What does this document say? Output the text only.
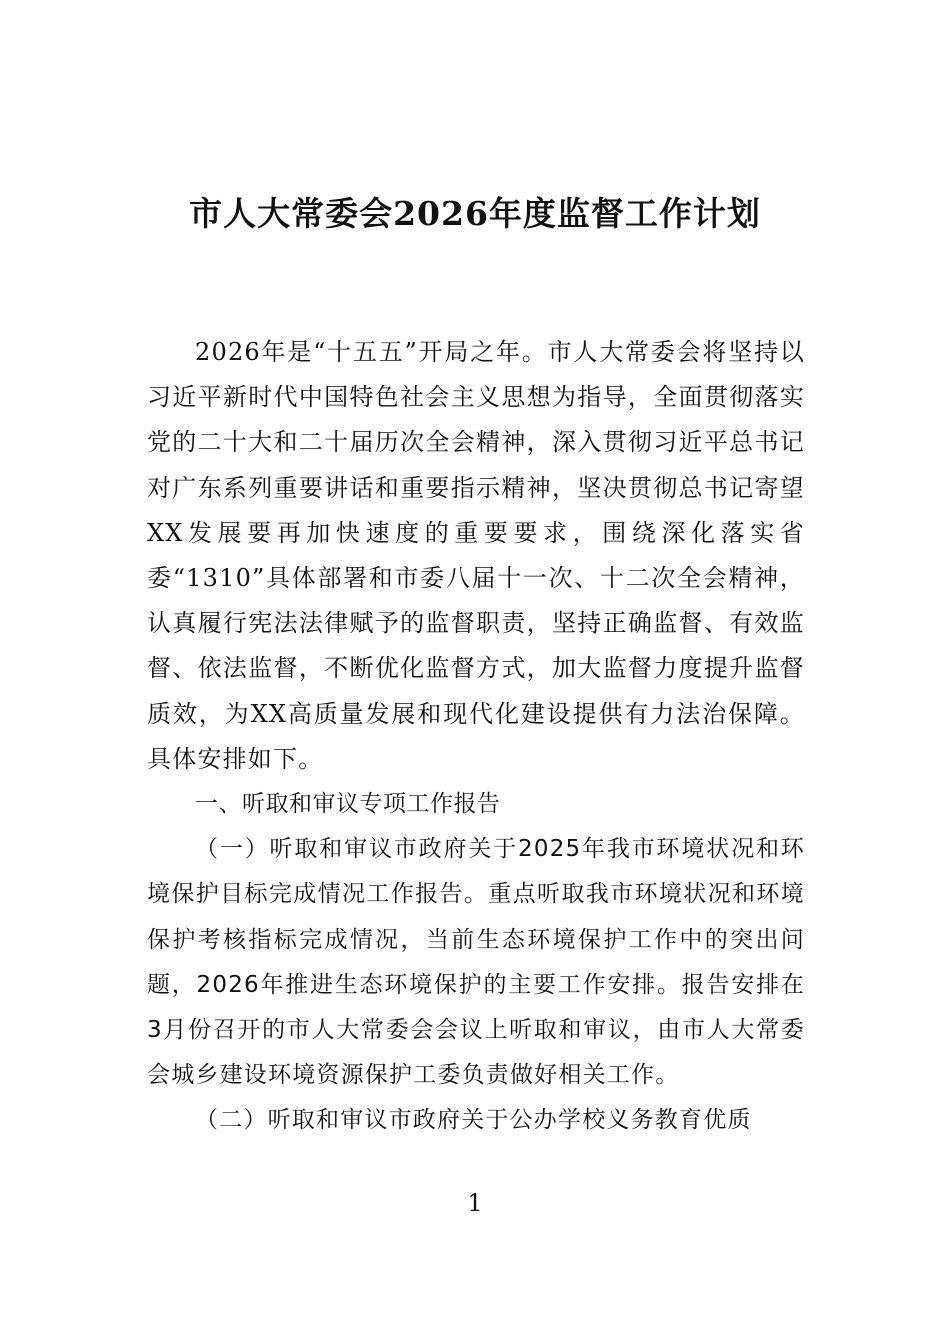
市人大常委会2026年度监督工作计划

2026年是“十五五”开局之年。市人大常委会将坚持以习近平新时代中国特色社会主义思想为指导，全面贯彻落实党的二十大和二十届历次全会精神，深入贯彻习近平总书记对广东系列重要讲话和重要指示精神，坚决贯彻总书记寄望XX发展要再加快速度的重要要求，围绕深化落实省委“1310”具体部署和市委八届十一次、十二次全会精神，认真履行宪法法律赋予的监督职责，坚持正确监督、有效监督、依法监督，不断优化监督方式，加大监督力度提升监督质效，为XX高质量发展和现代化建设提供有力法治保障。具体安排如下。

一、听取和审议专项工作报告

（一）听取和审议市政府关于2025年我市环境状况和环境保护目标完成情况工作报告。重点听取我市环境状况和环境保护考核指标完成情况，当前生态环境保护工作中的突出问题，2026年推进生态环境保护的主要工作安排。报告安排在3月份召开的市人大常委会会议上听取和审议，由市人大常委会城乡建设环境资源保护工委负责做好相关工作。

（二）听取和审议市政府关于公办学校义务教育优质

1
